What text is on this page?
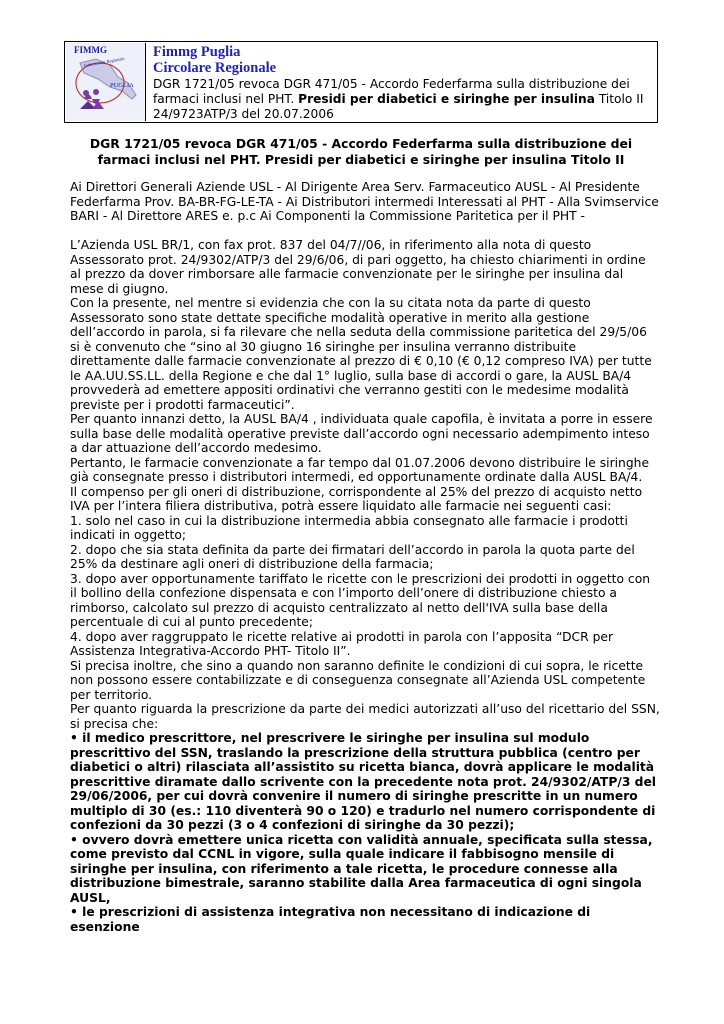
FIMMG
Federazione Regionale
PUGLIA
Fimmg Puglia
Circolare Regionale
DGR 1721/05 revoca DGR 471/05 - Accordo Federfarma sulla distribuzione dei farmaci inclusi nel PHT. Presidi per diabetici e siringhe per insulina Titolo II 24/9723ATP/3 del 20.07.2006
DGR 1721/05 revoca DGR 471/05 - Accordo Federfarma sulla distribuzione dei farmaci inclusi nel PHT. Presidi per diabetici e siringhe per insulina Titolo II

Ai Direttori Generali Aziende USL - Al Dirigente Area Serv. Farmaceutico AUSL - Al Presidente Federfarma Prov. BA-BR-FG-LE-TA - Ai Distributori intermedi Interessati al PHT - Alla Svimservice BARI - Al Direttore ARES e. p.c Ai Componenti la Commissione Paritetica per il PHT -

L’Azienda USL BR/1, con fax prot. 837 del 04/7//06, in riferimento alla nota di questo Assessorato prot. 24/9302/ATP/3 del 29/6/06, di pari oggetto, ha chiesto chiarimenti in ordine al prezzo da dover rimborsare alle farmacie convenzionate per le siringhe per insulina dal mese di giugno.

Con la presente, nel mentre si evidenzia che con la su citata nota da parte di questo Assessorato sono state dettate specifiche modalità operative in merito alla gestione dell’accordo in parola, si fa rilevare che nella seduta della commissione paritetica del 29/5/06 si è convenuto che “sino al 30 giugno 16 siringhe per insulina verranno distribuite direttamente dalle farmacie convenzionate al prezzo di € 0,10 (€ 0,12 compreso IVA) per tutte le AA.UU.SS.LL. della Regione e che dal 1° luglio, sulla base di accordi o gare, la AUSL BA/4 provvederà ad emettere appositi ordinativi che verranno gestiti con le medesime modalità previste per i prodotti farmaceutici”.

Per quanto innanzi detto, la AUSL BA/4 , individuata quale capofila, è invitata a porre in essere sulla base delle modalità operative previste dall’accordo ogni necessario adempimento inteso a dar attuazione dell’accordo medesimo.

Pertanto, le farmacie convenzionate a far tempo dal 01.07.2006 devono distribuire le siringhe già consegnate presso i distributori intermedi, ed opportunamente ordinate dalla AUSL BA/4.

Il compenso per gli oneri di distribuzione, corrispondente al 25% del prezzo di acquisto netto IVA per l’intera filiera distributiva, potrà essere liquidato alle farmacie nei seguenti casi:

1. solo nel caso in cui la distribuzione intermedia abbia consegnato alle farmacie i prodotti indicati in oggetto;

2. dopo che sia stata definita da parte dei firmatari dell’accordo in parola la quota parte del 25% da destinare agli oneri di distribuzione della farmacia;

3. dopo aver opportunamente tariffato le ricette con le prescrizioni dei prodotti in oggetto con il bollino della confezione dispensata e con l’importo dell’onere di distribuzione chiesto a rimborso, calcolato sul prezzo di acquisto centralizzato al netto dell'IVA sulla base della percentuale di cui al punto precedente;

4. dopo aver raggruppato le ricette relative ai prodotti in parola con l’apposita “DCR per Assistenza Integrativa-Accordo PHT- Titolo II”.

Si precisa inoltre, che sino a quando non saranno definite le condizioni di cui sopra, le ricette non possono essere contabilizzate e di conseguenza consegnate all’Azienda USL competente per territorio.

Per quanto riguarda la prescrizione da parte dei medici autorizzati all’uso del ricettario del SSN, si precisa che:

• il medico prescrittore, nel prescrivere le siringhe per insulina sul modulo prescrittivo del SSN, traslando la prescrizione della struttura pubblica (centro per diabetici o altri) rilasciata all’assistito su ricetta bianca, dovrà applicare le modalità prescrittive diramate dallo scrivente con la precedente nota prot. 24/9302/ATP/3 del 29/06/2006, per cui dovrà convenire il numero di siringhe prescritte in un numero multiplo di 30 (es.: 110 diventerà 90 o 120) e tradurlo nel numero corrispondente di confezioni da 30 pezzi (3 o 4 confezioni di siringhe da 30 pezzi);

• ovvero dovrà emettere unica ricetta con validità annuale, specificata sulla stessa, come previsto dal CCNL in vigore, sulla quale indicare il fabbisogno mensile di siringhe per insulina, con riferimento a tale ricetta, le procedure connesse alla distribuzione bimestrale, saranno stabilite dalla Area farmaceutica di ogni singola AUSL,

• le prescrizioni di assistenza integrativa non necessitano di indicazione di esenzione
